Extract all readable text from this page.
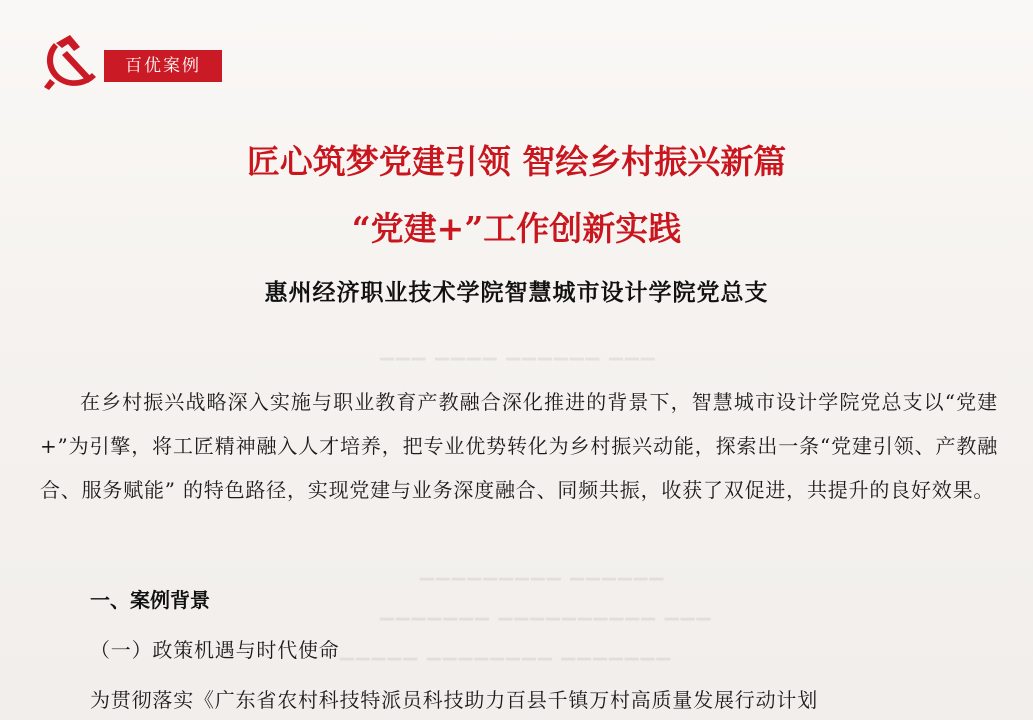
▁▁▁ ▁▁▁▁ ▁▁▁▁▁▁ ▁▁▁
▁▁▁▁▁▁▁▁▁ ▁▁▁▁▁▁
▁▁▁▁▁▁▁ ▁▁▁▁▁▁▁▁▁▁ ▁▁▁
▁▁▁▁▁ ▁▁▁▁▁▁▁▁ ▁▁▁▁▁▁▁
百优案例
匠心筑梦党建引领 智绘乡村振兴新篇
“党建+”工作创新实践
惠州经济职业技术学院智慧城市设计学院党总支

在乡村振兴战略深入实施与职业教育产教融合深化推进的背景下，智慧城市设计学院党总支以“党建+”为引擎，将工匠精神融入人才培养，把专业优势转化为乡村振兴动能，探索出一条“党建引领、产教融合、服务赋能” 的特色路径，实现党建与业务深度融合、同频共振，收获了双促进，共提升的良好效果。

一、案例背景
（一）政策机遇与时代使命
为贯彻落实《广东省农村科技特派员科技助力百县千镇万村高质量发展行动计划
